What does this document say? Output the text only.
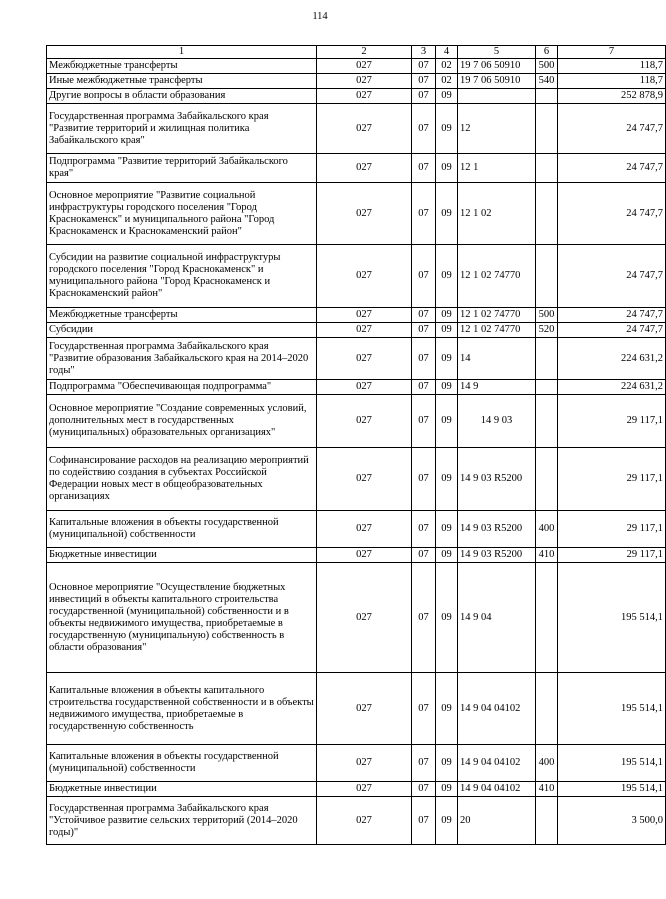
114
1	2	3	4	5	6	7
Межбюджетные трансферты	027	07	02	19 7 06 50910	500	118,7
Иные межбюджетные трансферты	027	07	02	19 7 06 50910	540	118,7
Другие вопросы в области образования	027	07	09			252 878,9
Государственная программа Забайкальского края "Развитие территорий и жилищная политика Забайкальского края"	027	07	09	12		24 747,7
Подпрограмма "Развитие территорий Забайкальского края"	027	07	09	12 1		24 747,7
Основное мероприятие "Развитие социальной инфраструктуры городского поселения "Город Краснокаменск" и муниципального района "Город Краснокаменск и Краснокаменский район"	027	07	09	12 1 02		24 747,7
Субсидии на развитие социальной инфраструктуры городского поселения "Город Краснокаменск" и муниципального района "Город Краснокаменск и Краснокаменский район"	027	07	09	12 1 02 74770		24 747,7
Межбюджетные трансферты	027	07	09	12 1 02 74770	500	24 747,7
Субсидии	027	07	09	12 1 02 74770	520	24 747,7
Государственная программа Забайкальского края "Развитие образования Забайкальского края на 2014–2020 годы"	027	07	09	14		224 631,2
Подпрограмма "Обеспечивающая подпрограмма"	027	07	09	14 9		224 631,2
Основное мероприятие "Создание современных условий, дополнительных мест в государственных (муниципальных) образовательных организациях"	027	07	09	14 9 03		29 117,1
Софинансирование расходов на реализацию мероприятий по содействию создания в субъектах Российской Федерации новых мест в общеобразовательных организациях	027	07	09	14 9 03 R5200		29 117,1
Капитальные вложения в объекты государственной (муниципальной) собственности	027	07	09	14 9 03 R5200	400	29 117,1
Бюджетные инвестиции	027	07	09	14 9 03 R5200	410	29 117,1
Основное мероприятие "Осуществление бюджетных инвестиций в объекты капитального строительства государственной (муниципальной) собственности и в объекты недвижимого имущества, приобретаемые в государственную (муниципальную) собственность в области образования"	027	07	09	14 9 04		195 514,1
Капитальные вложения в объекты капитального строительства государственной собственности и в объекты недвижимого имущества, приобретаемые в государственную собственность	027	07	09	14 9 04 04102		195 514,1
Капитальные вложения в объекты государственной (муниципальной) собственности	027	07	09	14 9 04 04102	400	195 514,1
Бюджетные инвестиции	027	07	09	14 9 04 04102	410	195 514,1
Государственная программа Забайкальского края "Устойчивое развитие сельских территорий (2014–2020 годы)"	027	07	09	20		3 500,0
